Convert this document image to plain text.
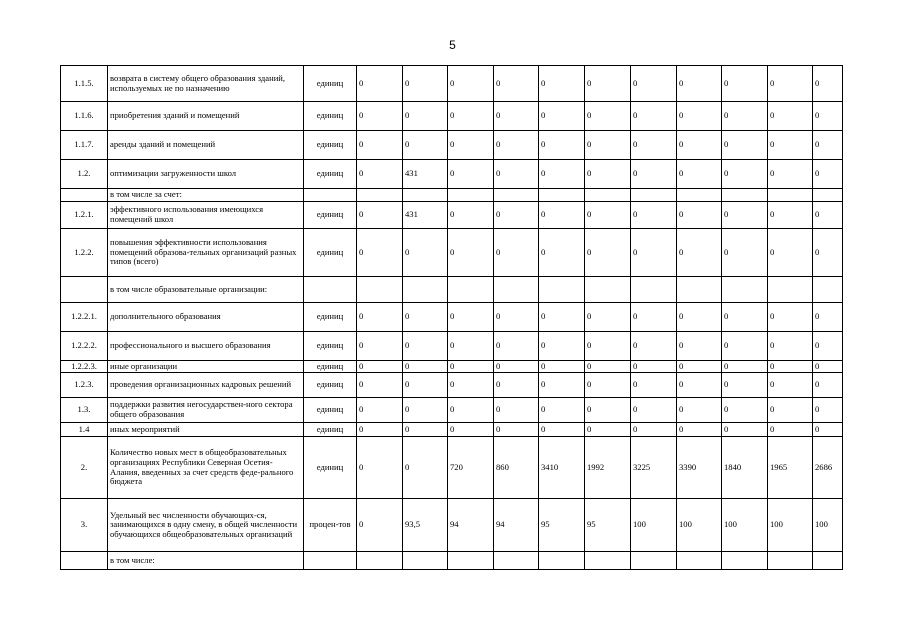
5
1.1.5.	возврата в систему общего образования зданий, используемых не по назначению	единиц	0	0	0	0	0	0	0	0	0	0	0	
1.1.6.	приобретения зданий и помещений	единиц	0	0	0	0	0	0	0	0	0	0	0	
1.1.7.	аренды зданий и помещений	единиц	0	0	0	0	0	0	0	0	0	0	0	
1.2.	оптимизации загруженности школ	единиц	0	431	0	0	0	0	0	0	0	0	0	
	в том числе за счет:													
1.2.1.	эффективного использования имеющихся помещений школ	единиц	0	431	0	0	0	0	0	0	0	0	0	
1.2.2.	повышения эффективности использования помещений образова-тельных организаций разных типов (всего)	единиц	0	0	0	0	0	0	0	0	0	0	0	
	в том числе образовательные организации:													
1.2.2.1.	дополнительного образования	единиц	0	0	0	0	0	0	0	0	0	0	0	
1.2.2.2.	профессионального и высшего образования	единиц	0	0	0	0	0	0	0	0	0	0	0	
1.2.2.3.	иные организации	единиц	0	0	0	0	0	0	0	0	0	0	0	
1.2.3.	проведения организационных кадровых решений	единиц	0	0	0	0	0	0	0	0	0	0	0	
1.3.	поддержки развития негосударствен-ного сектора общего образования	единиц	0	0	0	0	0	0	0	0	0	0	0	
1.4	иных мероприятий	единиц	0	0	0	0	0	0	0	0	0	0	0	
2.	Количество новых мест в общеобразовательных организациях Республики Северная Осетия-Алания, введенных за счет средств феде-рального бюджета	единиц	0	0	720	860	3410	1992	3225	3390	1840	1965	2686	
3.	Удельный вес численности обучающих-ся, занимающихся в одну смену, в общей численности обучающихся общеобразовательных организаций	процен-тов	0	93,5	94	94	95	95	100	100	100	100	100	
	в том числе:													
